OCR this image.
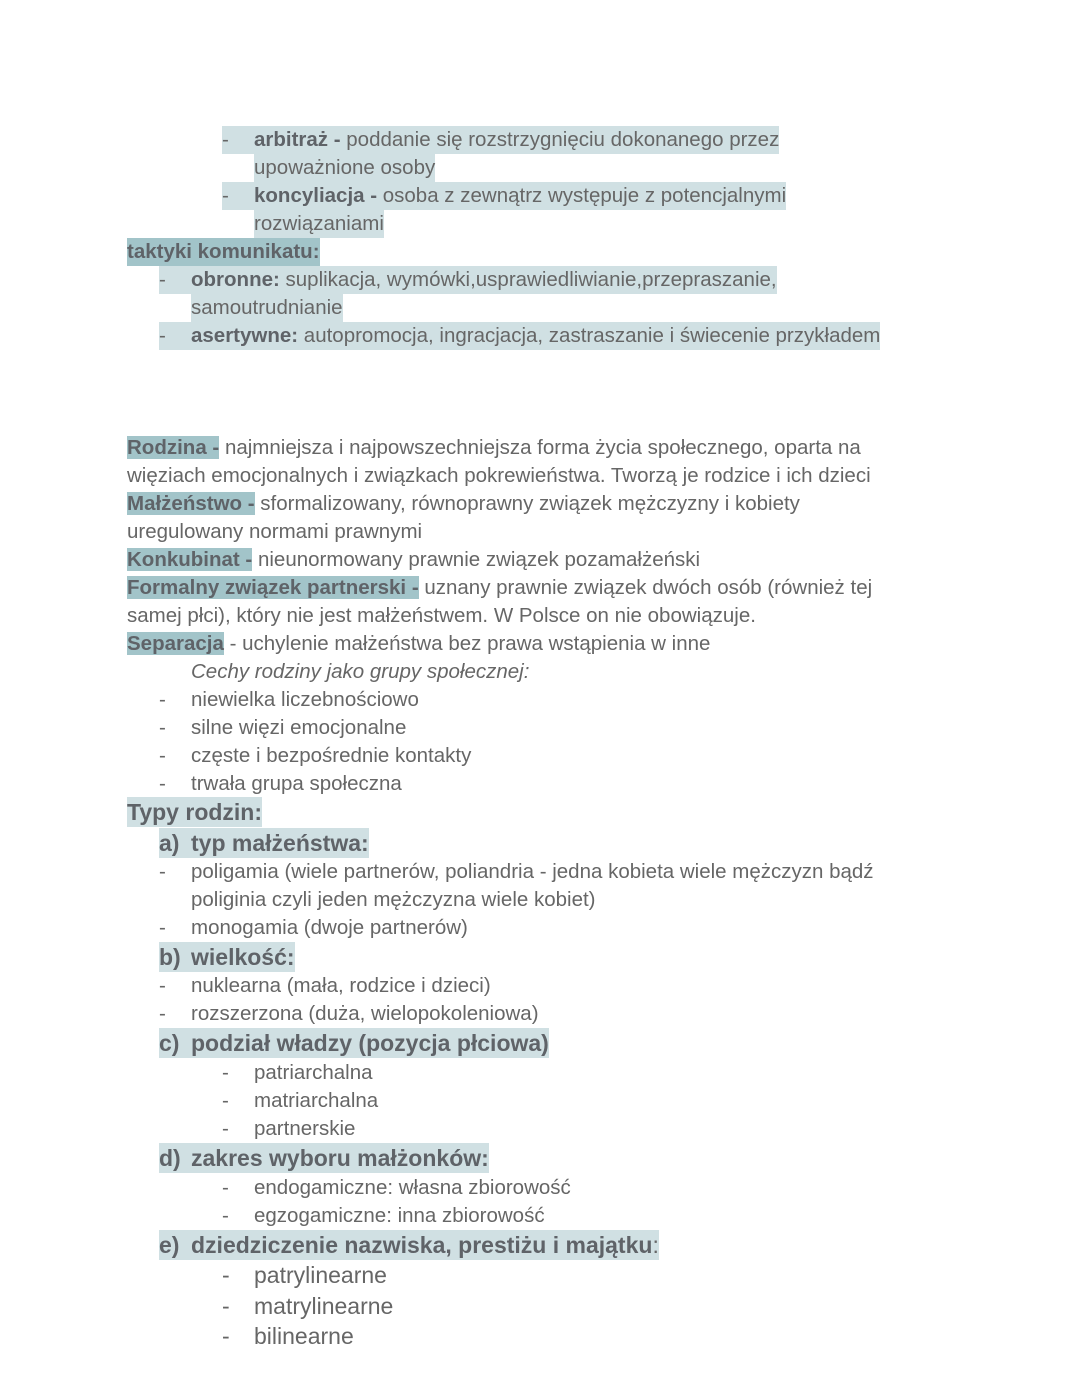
- arbitraż - poddanie się rozstrzygnięciu dokonanego przez
upoważnione osoby
- koncyliacja - osoba z zewnątrz występuje z potencjalnymi
rozwiązaniami
taktyki komunikatu:
- obronne: suplikacja, wymówki,usprawiedliwianie,przepraszanie,
samoutrudnianie
- asertywne: autopromocja, ingracjacja, zastraszanie i świecenie przykładem
Rodzina - najmniejsza i najpowszechniejsza forma życia społecznego, oparta na
więziach emocjonalnych i związkach pokrewieństwa. Tworzą je rodzice i ich dzieci
Małżeństwo - sformalizowany, równoprawny związek mężczyzny i kobiety
uregulowany normami prawnymi
Konkubinat - nieunormowany prawnie związek pozamałżeński
Formalny związek partnerski - uznany prawnie związek dwóch osób (również tej
samej płci), który nie jest małżeństwem. W Polsce on nie obowiązuje.
Separacja - uchylenie małżeństwa bez prawa wstąpienia w inne
Cechy rodziny jako grupy społecznej:
- niewielka liczebnościowo
- silne więzi emocjonalne
- częste i bezpośrednie kontakty
- trwała grupa społeczna
Typy rodzin:
a) typ małżeństwa:
- poligamia (wiele partnerów, poliandria - jedna kobieta wiele mężczyzn bądź
poliginia czyli jeden mężczyzna wiele kobiet)
- monogamia (dwoje partnerów)
b) wielkość:
- nuklearna (mała, rodzice i dzieci)
- rozszerzona (duża, wielopokoleniowa)
c) podział władzy (pozycja płciowa)
- patriarchalna
- matriarchalna
- partnerskie
d) zakres wyboru małżonków:
- endogamiczne: własna zbiorowość
- egzogamiczne: inna zbiorowość
e) dziedziczenie nazwiska, prestiżu i majątku:
- patrylinearne
- matrylinearne
- bilinearne
